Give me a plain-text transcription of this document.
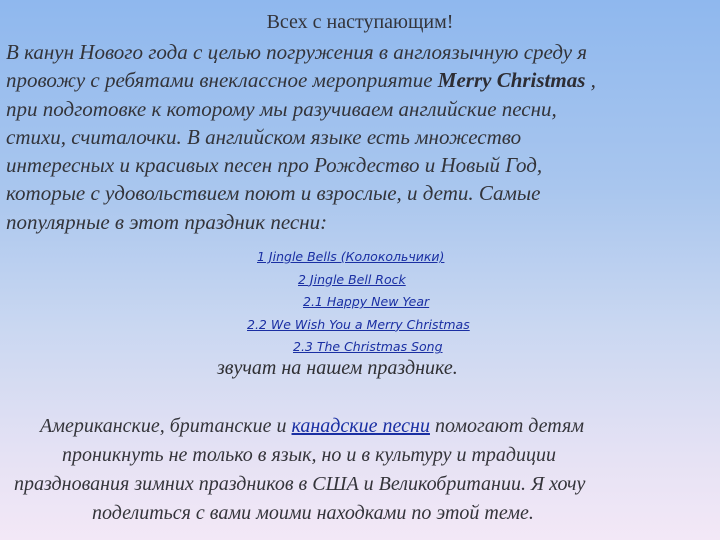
Всех с наступающим!
В канун Нового года с целью погружения в англоязычную среду я
провожу с ребятами внеклассное мероприятие Merry Christmas ,
при подготовке к которому мы разучиваем английские песни,
стихи, считалочки. В английском языке есть множество
интересных и красивых песен про Рождество и Новый Год,
которые с удовольствием поют и взрослые, и дети. Самые
популярные в этот праздник песни:
1 Jingle Bells (Колокольчики)
2 Jingle Bell Rock
2.1 Happy New Year
2.2 We Wish You a Merry Christmas
2.3 The Christmas Song
звучат на нашем празднике.
Американские, британские и канадские песни помогают детям
проникнуть не только в язык, но и в культуру и традиции
празднования зимних праздников в США и Великобритании. Я хочу
поделиться с вами моими находками по этой теме.
